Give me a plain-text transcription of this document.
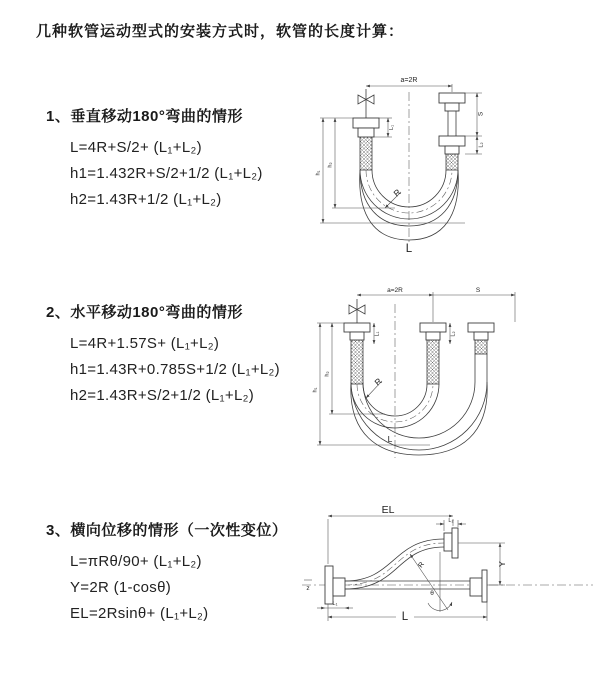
几种软管运动型式的安装方式时，软管的长度计算：
1、垂直移动180°弯曲的情形
L=4R+S/2+ (L₁+L₂)
h1=1.432R+S/2+1/2 (L₁+L₂)
h2=1.43R+1/2 (L₁+L₂)
2、水平移动180°弯曲的情形
L=4R+1.57S+ (L₁+L₂)
h1=1.43R+0.785S+1/2 (L₁+L₂)
h2=1.43R+S/2+1/2 (L₁+L₂)
3、横向位移的情形（一次性变位）
L=πRθ/90+ (L₁+L₂)
Y=2R (1-cosθ)
EL=2Rsinθ+ (L₁+L₂)
a=2R
L₁
S
L₂
h₁
h₂
R
L
a=2R	S
L₁	L₂
h₁
h₂
R
L
z
R
θ
EL
L₂
Y
L₁
L
